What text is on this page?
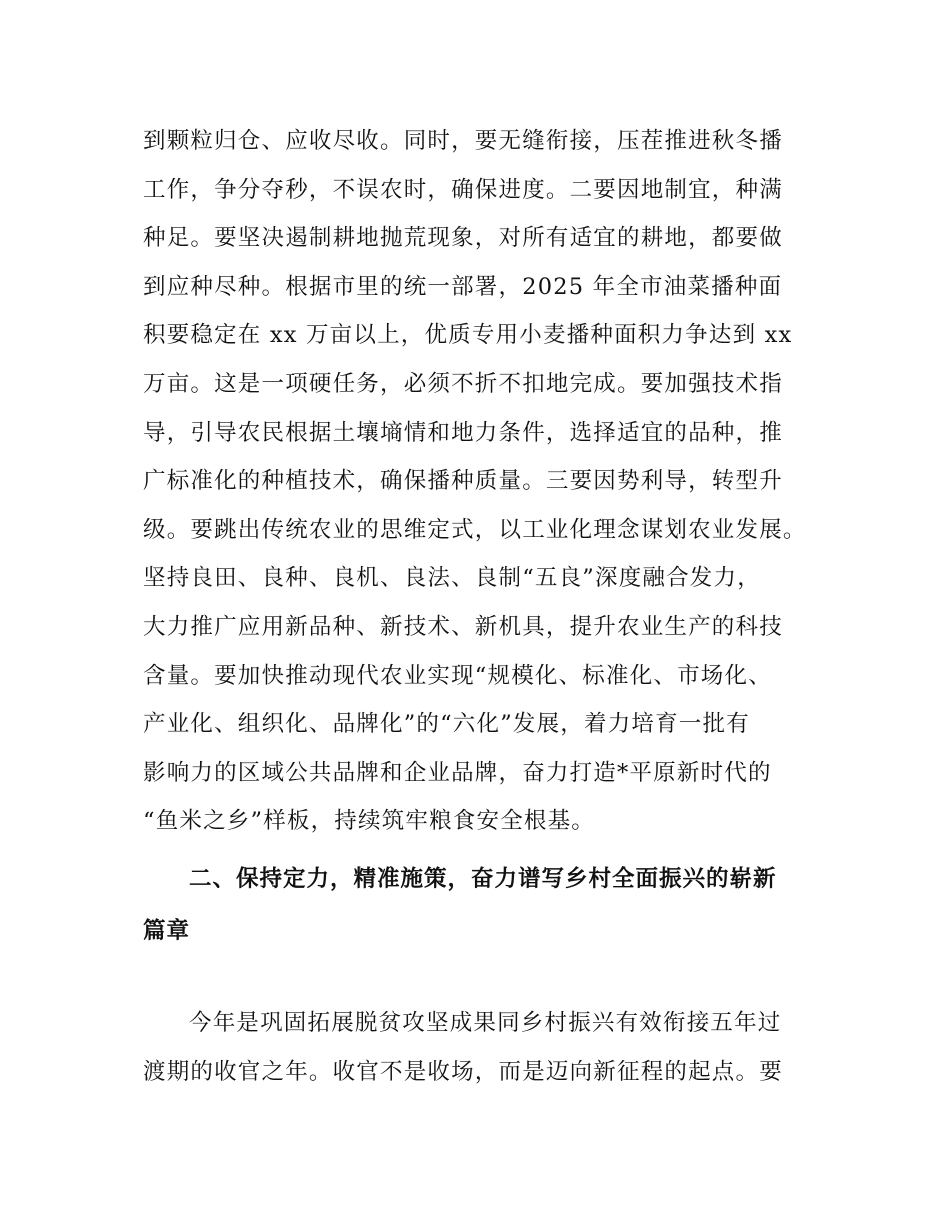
到颗粒归仓、应收尽收。同时，要无缝衔接，压茬推进秋冬播
工作，争分夺秒，不误农时，确保进度。二要因地制宜，种满
种足。要坚决遏制耕地抛荒现象，对所有适宜的耕地，都要做
到应种尽种。根据市里的统一部署，2025 年全市油菜播种面
积要稳定在 xx 万亩以上，优质专用小麦播种面积力争达到 xx
万亩。这是一项硬任务，必须不折不扣地完成。要加强技术指
导，引导农民根据土壤墒情和地力条件，选择适宜的品种，推
广标准化的种植技术，确保播种质量。三要因势利导，转型升
级。要跳出传统农业的思维定式，以工业化理念谋划农业发展。
坚持良田、良种、良机、良法、良制“五良”深度融合发力，
大力推广应用新品种、新技术、新机具，提升农业生产的科技
含量。要加快推动现代农业实现“规模化、标准化、市场化、
产业化、组织化、品牌化”的“六化”发展，着力培育一批有
影响力的区域公共品牌和企业品牌，奋力打造*平原新时代的
“鱼米之乡”样板，持续筑牢粮食安全根基。
二、保持定力，精准施策，奋力谱写乡村全面振兴的崭新
篇章
今年是巩固拓展脱贫攻坚成果同乡村振兴有效衔接五年过
渡期的收官之年。收官不是收场，而是迈向新征程的起点。要
